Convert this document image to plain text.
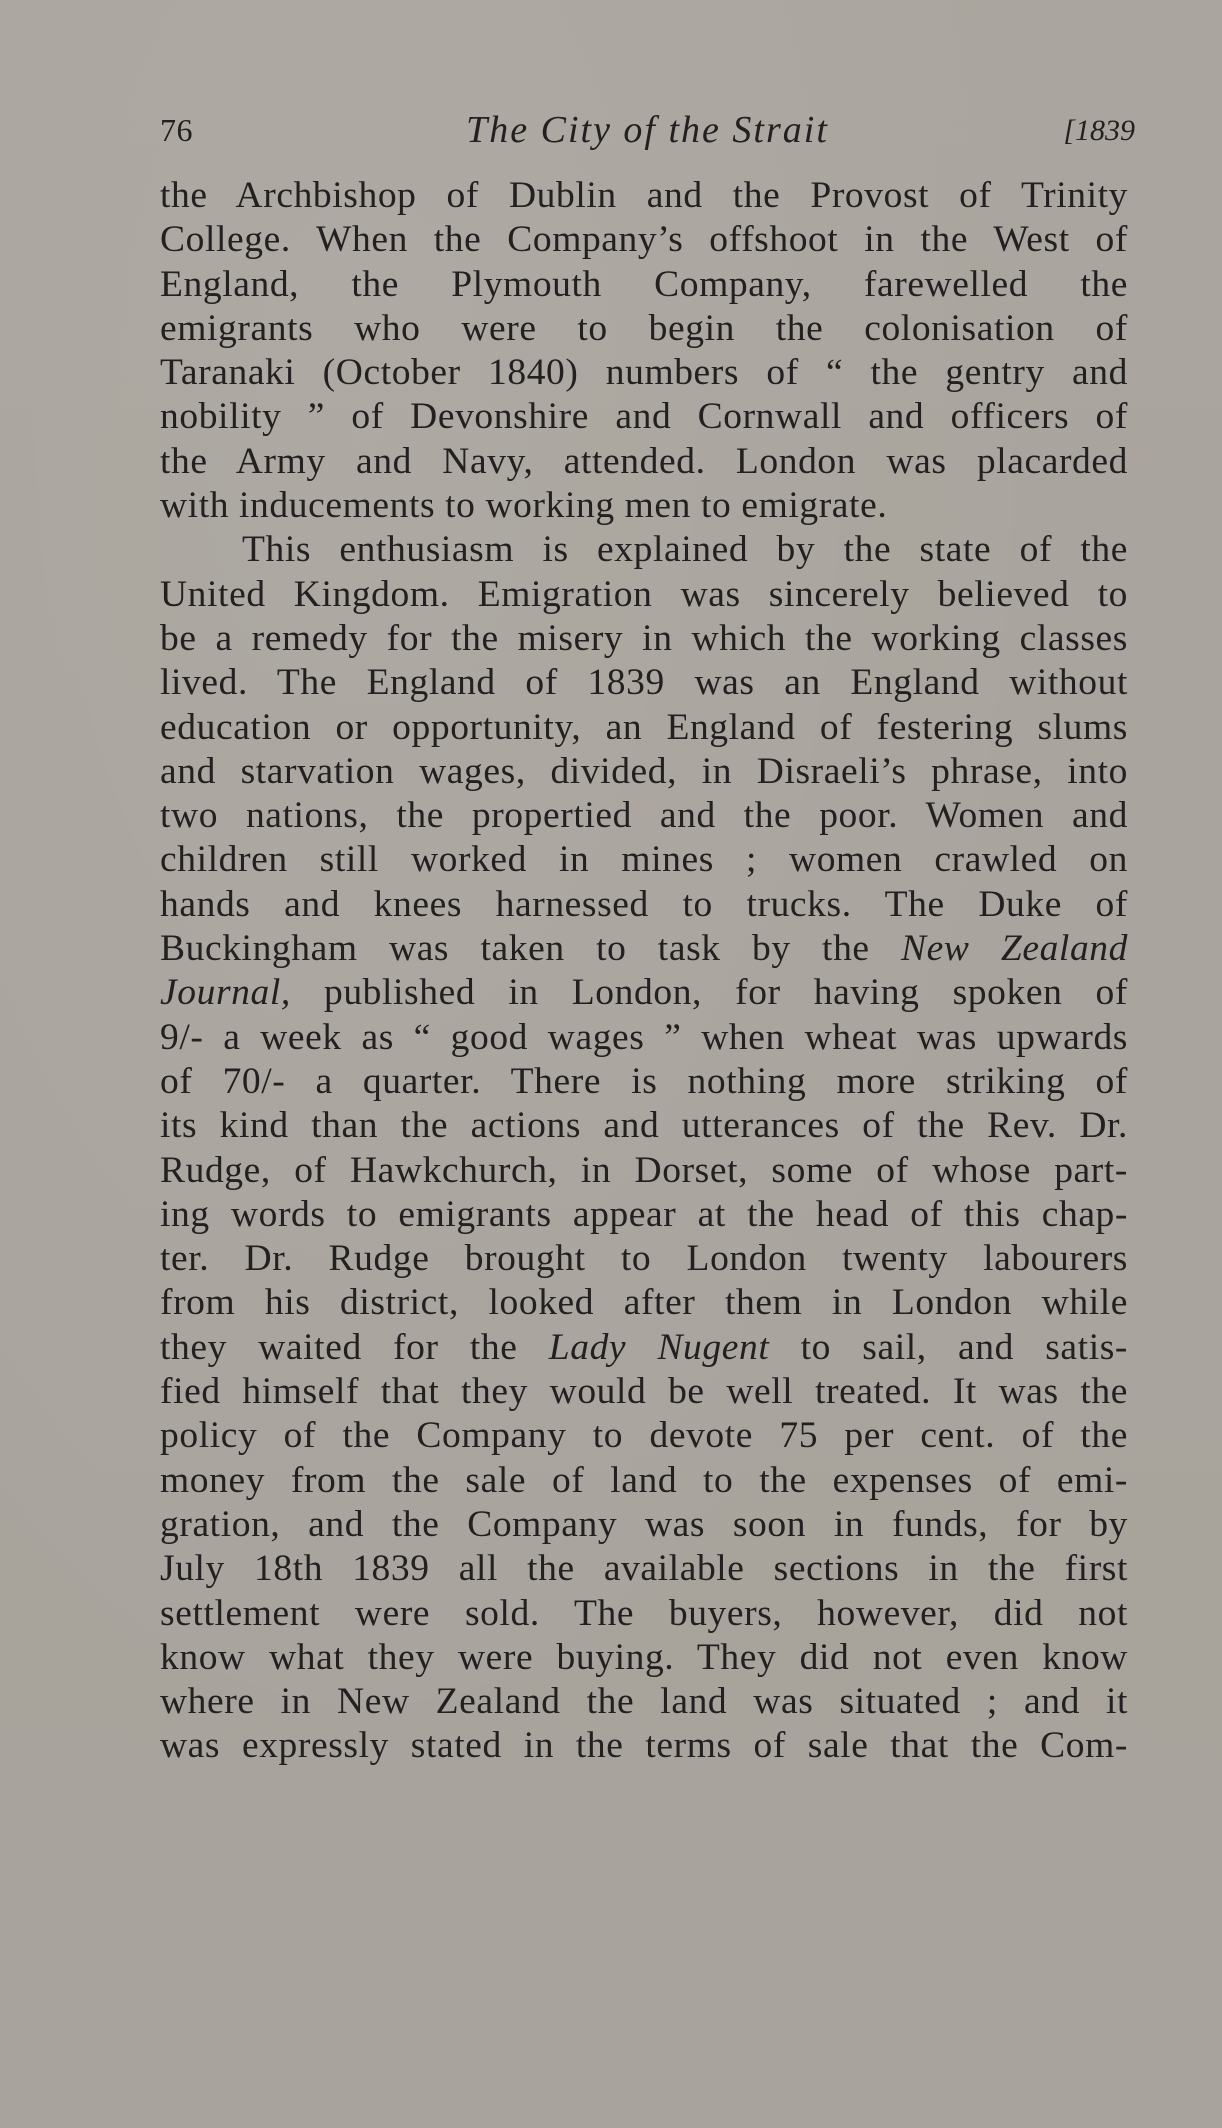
76	The City of the Strait	[1839
the Archbishop of Dublin and the Provost of Trinity
College. When the Company’s offshoot in the West of
England, the Plymouth Company, farewelled the
emigrants who were to begin the colonisation of
Taranaki (October 1840) numbers of “ the gentry and
nobility ” of Devonshire and Cornwall and officers of
the Army and Navy, attended. London was placarded
with inducements to working men to emigrate.
This enthusiasm is explained by the state of the
United Kingdom. Emigration was sincerely believed to
be a remedy for the misery in which the working classes
lived. The England of 1839 was an England without
education or opportunity, an England of festering slums
and starvation wages, divided, in Disraeli’s phrase, into
two nations, the propertied and the poor. Women and
children still worked in mines ; women crawled on
hands and knees harnessed to trucks. The Duke of
Buckingham was taken to task by the New Zealand
Journal, published in London, for having spoken of
9/- a week as “ good wages ” when wheat was upwards
of 70/- a quarter. There is nothing more striking of
its kind than the actions and utterances of the Rev. Dr.
Rudge, of Hawkchurch, in Dorset, some of whose part-
ing words to emigrants appear at the head of this chap-
ter. Dr. Rudge brought to London twenty labourers
from his district, looked after them in London while
they waited for the Lady Nugent to sail, and satis-
fied himself that they would be well treated. It was the
policy of the Company to devote 75 per cent. of the
money from the sale of land to the expenses of emi-
gration, and the Company was soon in funds, for by
July 18th 1839 all the available sections in the first
settlement were sold. The buyers, however, did not
know what they were buying. They did not even know
where in New Zealand the land was situated ; and it
was expressly stated in the terms of sale that the Com-
